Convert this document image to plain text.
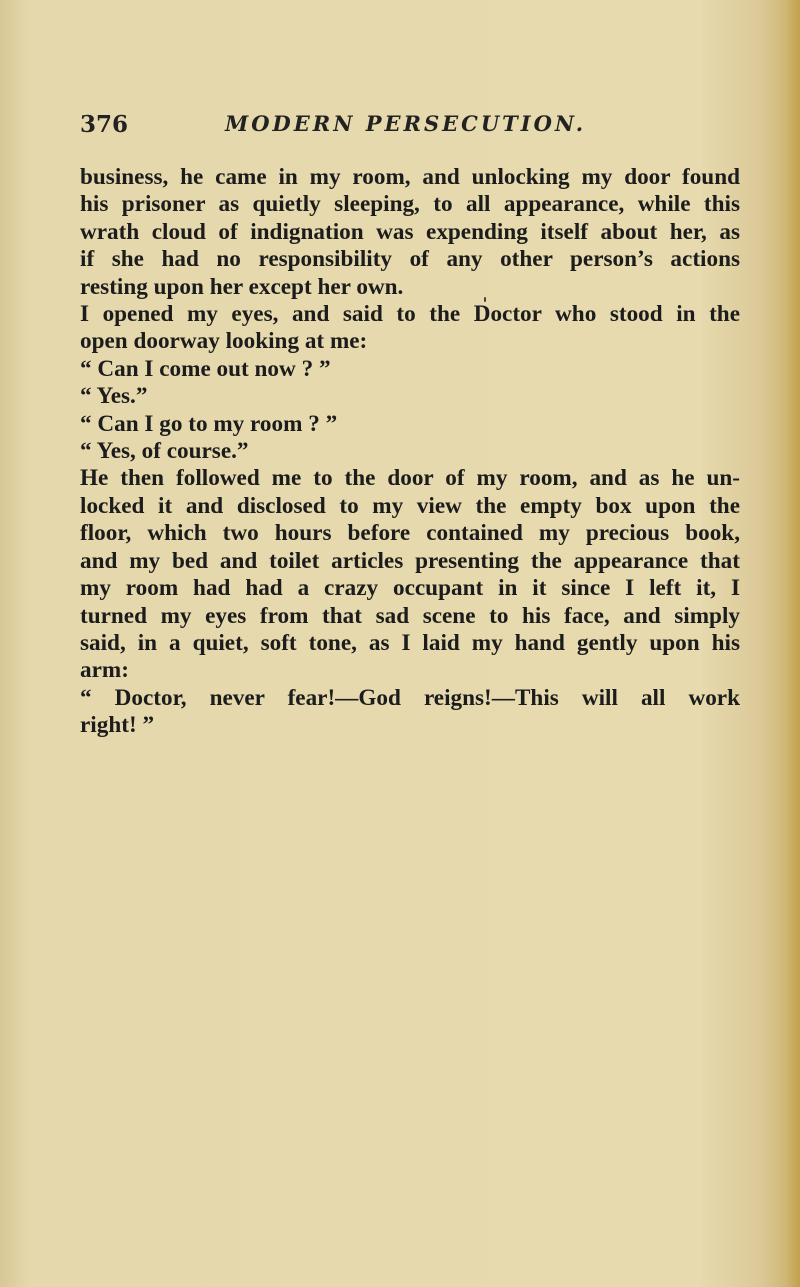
376	MODERN PERSECUTION.
business, he came in my room, and unlocking my door found
his prisoner as quietly sleeping, to all appearance, while this
wrath cloud of indignation was expending itself about her, as
if she had no responsibility of any other person’s actions
resting upon her except her own.
I opened my eyes, and said to the Doctor who stood in the
open doorway looking at me:
“ Can I come out now ? ”
“ Yes.”
“ Can I go to my room ? ”
“ Yes, of course.”
He then followed me to the door of my room, and as he un-
locked it and disclosed to my view the empty box upon the
floor, which two hours before contained my precious book,
and my bed and toilet articles presenting the appearance that
my room had had a crazy occupant in it since I left it, I
turned my eyes from that sad scene to his face, and simply
said, in a quiet, soft tone, as I laid my hand gently upon his
arm:
“ Doctor, never fear!—God reigns!—This will all work
right! ”
